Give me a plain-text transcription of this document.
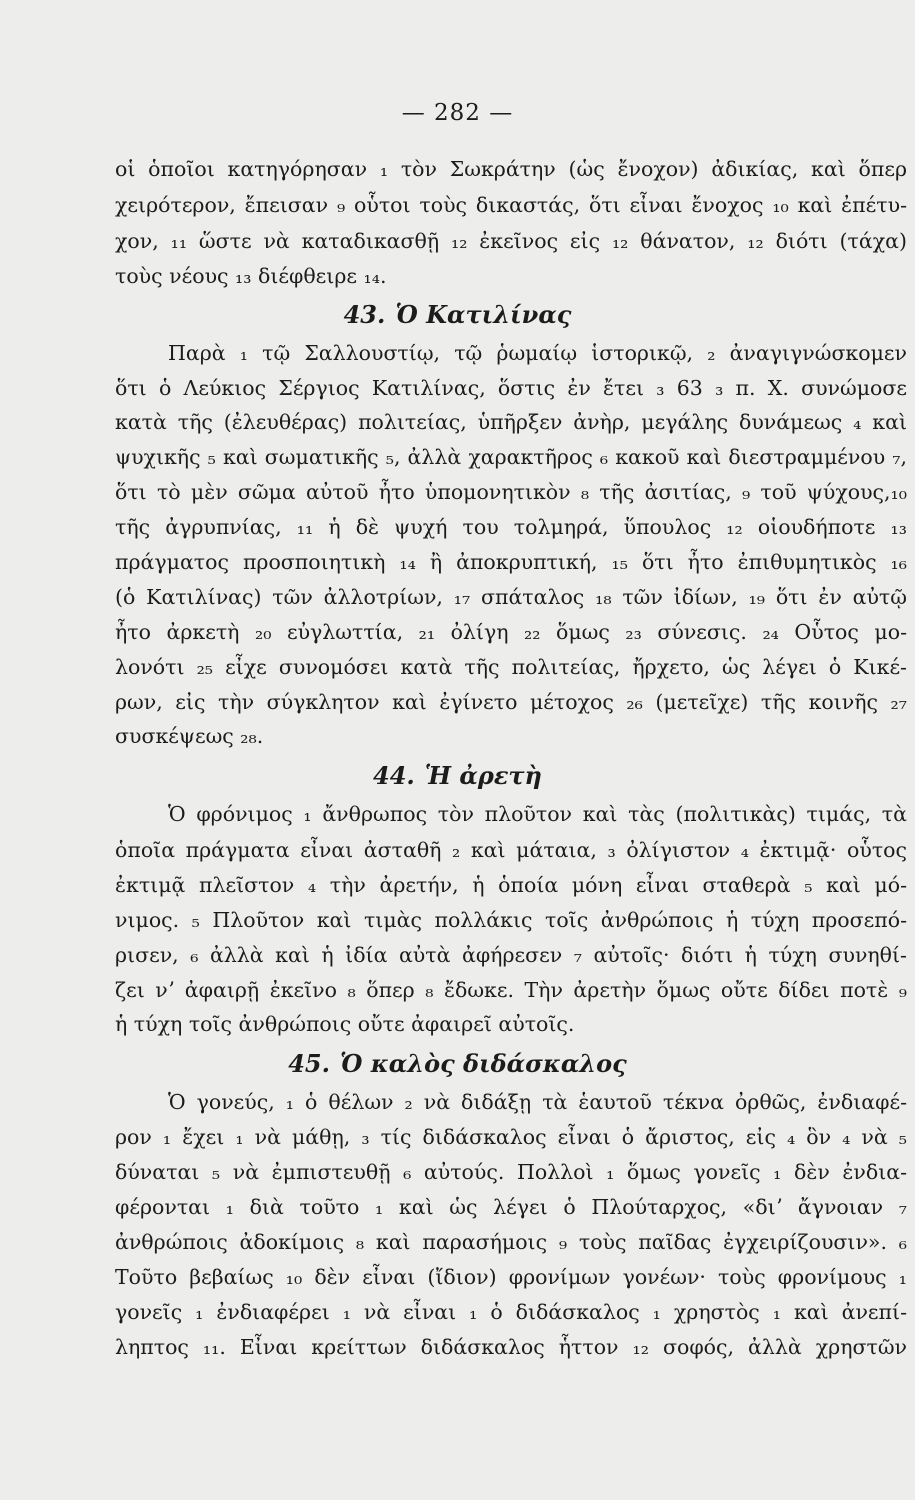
— 282 —
οἱ ὁποῖοι κατηγόρησαν ₁ τὸν Σωκράτην (ὡς ἔνοχον) ἀδικίας, καὶ ὅπερ
χειρότερον, ἔπεισαν ₉ οὗτοι τοὺς δικαστάς, ὅτι εἶναι ἔνοχος ₁₀ καὶ ἐπέτυ-
χον, ₁₁ ὥστε νὰ καταδικασθῇ ₁₂ ἐκεῖνος εἰς ₁₂ θάνατον, ₁₂ διότι (τάχα)
τοὺς νέους ₁₃ διέφθειρε ₁₄.
43. Ὁ Κατιλίνας
Παρὰ ₁ τῷ Σαλλουστίῳ, τῷ ῥωμαίῳ ἱστορικῷ, ₂ ἀναγιγνώσκομεν
ὅτι ὁ Λεύκιος Σέργιος Κατιλίνας, ὅστις ἐν ἔτει ₃ 63 ₃ π. Χ. συνώμοσε
κατὰ τῆς (ἐλευθέρας) πολιτείας, ὑπῆρξεν ἀνὴρ, μεγάλης δυνάμεως ₄ καὶ
ψυχικῆς ₅ καὶ σωματικῆς ₅, ἀλλὰ χαρακτῆρος ₆ κακοῦ καὶ διεστραμμένου ₇,
ὅτι τὸ μὲν σῶμα αὐτοῦ ἦτο ὑπομονητικὸν ₈ τῆς ἀσιτίας, ₉ τοῦ ψύχους,₁₀
τῆς ἀγρυπνίας, ₁₁ ἡ δὲ ψυχή του τολμηρά, ὕπουλος ₁₂ οἱουδήποτε ₁₃
πράγματος προσποιητικὴ ₁₄ ἢ ἀποκρυπτική, ₁₅ ὅτι ἦτο ἐπιθυμητικὸς ₁₆
(ὁ Κατιλίνας) τῶν ἀλλοτρίων, ₁₇ σπάταλος ₁₈ τῶν ἰδίων, ₁₉ ὅτι ἐν αὐτῷ
ἦτο ἀρκετὴ ₂₀ εὐγλωττία, ₂₁ ὀλίγη ₂₂ ὅμως ₂₃ σύνεσις. ₂₄ Οὗτος μο-
λονότι ₂₅ εἶχε συνομόσει κατὰ τῆς πολιτείας, ἤρχετο, ὡς λέγει ὁ Κικέ-
ρων, εἰς τὴν σύγκλητον καὶ ἐγίνετο μέτοχος ₂₆ (μετεῖχε) τῆς κοινῆς ₂₇
συσκέψεως ₂₈.
44. Ἡ ἀρετὴ
Ὁ φρόνιμος ₁ ἄνθρωπος τὸν πλοῦτον καὶ τὰς (πολιτικὰς) τιμάς, τὰ
ὁποῖα πράγματα εἶναι ἀσταθῆ ₂ καὶ μάταια, ₃ ὀλίγιστον ₄ ἐκτιμᾷ· οὗτος
ἐκτιμᾷ πλεῖστον ₄ τὴν ἀρετήν, ἡ ὁποία μόνη εἶναι σταθερὰ ₅ καὶ μό-
νιμος. ₅ Πλοῦτον καὶ τιμὰς πολλάκις τοῖς ἀνθρώποις ἡ τύχη προσεπό-
ρισεν, ₆ ἀλλὰ καὶ ἡ ἰδία αὐτὰ ἀφήρεσεν ₇ αὐτοῖς· διότι ἡ τύχη συνηθί-
ζει νʼ ἀφαιρῇ ἐκεῖνο ₈ ὅπερ ₈ ἔδωκε. Τὴν ἀρετὴν ὅμως οὔτε δίδει ποτὲ ₉
ἡ τύχη τοῖς ἀνθρώποις οὔτε ἀφαιρεῖ αὐτοῖς.
45. Ὁ καλὸς διδάσκαλος
Ὁ γονεύς, ₁ ὁ θέλων ₂ νὰ διδάξῃ τὰ ἑαυτοῦ τέκνα ὀρθῶς, ἐνδιαφέ-
ρον ₁ ἔχει ₁ νὰ μάθῃ, ₃ τίς διδάσκαλος εἶναι ὁ ἄριστος, εἰς ₄ ὃν ₄ νὰ ₅
δύναται ₅ νὰ ἐμπιστευθῇ ₆ αὐτούς. Πολλοὶ ₁ ὅμως γονεῖς ₁ δὲν ἐνδια-
φέρονται ₁ διὰ τοῦτο ₁ καὶ ὡς λέγει ὁ Πλούταρχος, «διʼ ἄγνοιαν ₇
ἀνθρώποις ἀδοκίμοις ₈ καὶ παρασήμοις ₉ τοὺς παῖδας ἐγχειρίζουσιν». ₆
Τοῦτο βεβαίως ₁₀ δὲν εἶναι (ἴδιον) φρονίμων γονέων· τοὺς φρονίμους ₁
γονεῖς ₁ ἐνδιαφέρει ₁ νὰ εἶναι ₁ ὁ διδάσκαλος ₁ χρηστὸς ₁ καὶ ἀνεπί-
ληπτος ₁₁. Εἶναι κρείττων διδάσκαλος ἧττον ₁₂ σοφός, ἀλλὰ χρηστῶν
